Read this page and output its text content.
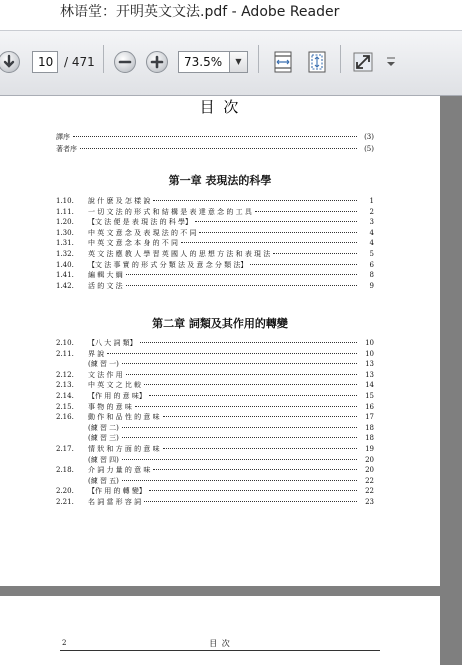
林语堂：开明英文文法.pdf - Adobe Reader
10 / 471	73.5%	▼
目 次
譯序	(3)
著者序	(5)
第一章 表現法的科學
1.10.	說 什 麽 及 怎 樣 說	1
1.11.	一 切 文 法 的 形 式 和 結 構 是 表 達 意 念 的 工 具	2
1.20.	【文 法 便 是 表 現 法 的 科 學】	3
1.30.	中 英 文 意 念 及 表 現 法 的 不 同	4
1.31.	中 英 文 意 念 本 身 的 不 同	4
1.32.	英 文 法 應 教 人 學 習 英 國 人 的 思 想 方 法 和 表 現 法	5
1.40.	【文 法 事 實 的 形 式 分 類 法 及 意 念 分 類 法】	6
1.41.	編 輯 大 綱	8
1.42.	活 的 文 法	9
第二章 詞類及其作用的轉變
2.10.	【八 大 詞 類】	10
2.11.	界 說	10
(練 習 一)	13
2.12.	文 法 作 用	13
2.13.	中 英 文 之 比 較	14
2.14.	【作 用 的 意 味】	15
2.15.	事 物 的 意 味	16
2.16.	動 作 和 品 性 的 意 味	17
(練 習 二)	18
(練 習 三)	18
2.17.	情 狀 和 方 面 的 意 味	19
(練 習 四)	20
2.18.	介 詞 力 量 的 意 味	20
(練 習 五)	22
2.20.	【作 用 的 轉 變】	22
2.21.	名 詞 當 形 容 詞	23
2	目 次
